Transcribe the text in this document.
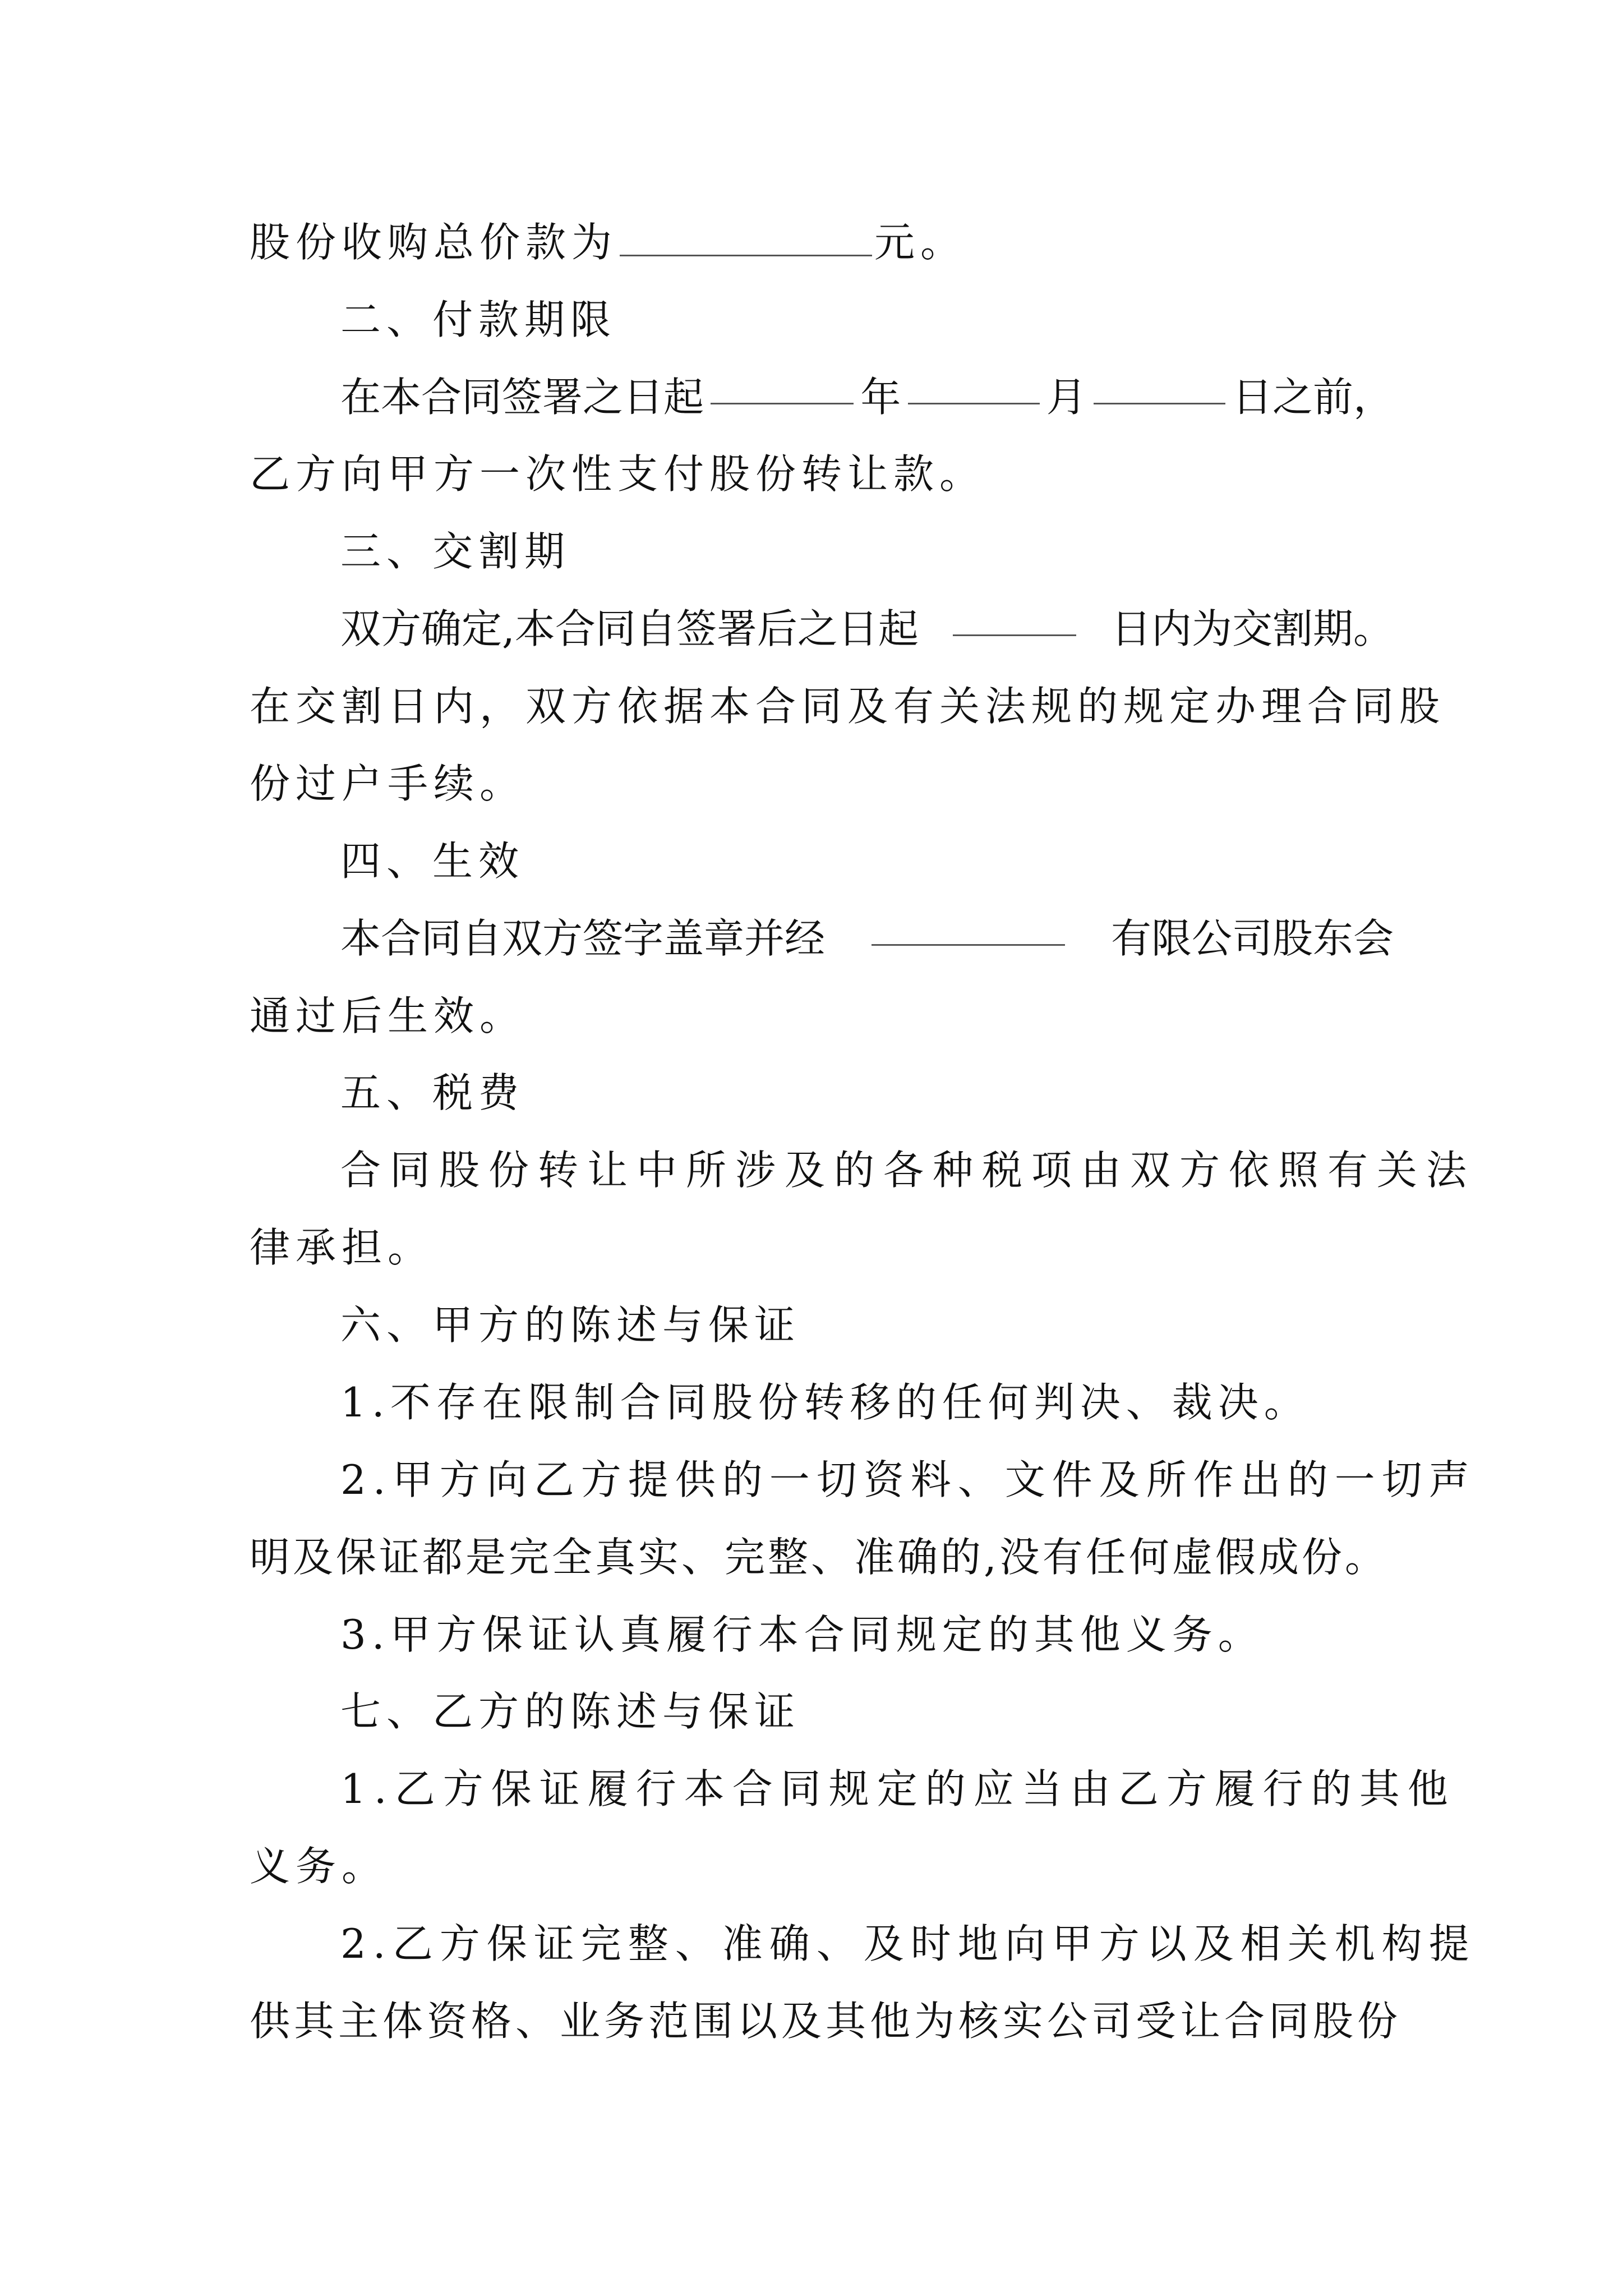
股份收购总价款为	元。
二、付款期限
在本合同签署之日起	年	月	日之前，
乙方向甲方一次性支付股份转让款。
三、交割期
双方确定,本合同自签署后之日起	日内为交割期。
在交割日内，双方依据本合同及有关法规的规定办理合同股
份过户手续。
四、生效
本合同自双方签字盖章并经	有限公司股东会
通过后生效。
五、税费
合同股份转让中所涉及的各种税项由双方依照有关法
律承担。
六、甲方的陈述与保证
1.不存在限制合同股份转移的任何判决、裁决。
2.甲方向乙方提供的一切资料、文件及所作出的一切声
明及保证都是完全真实、完整、准确的,没有任何虚假成份。
3.甲方保证认真履行本合同规定的其他义务。
七、乙方的陈述与保证
1.乙方保证履行本合同规定的应当由乙方履行的其他
义务。
2.乙方保证完整、准确、及时地向甲方以及相关机构提
供其主体资格、业务范围以及其他为核实公司受让合同股份
